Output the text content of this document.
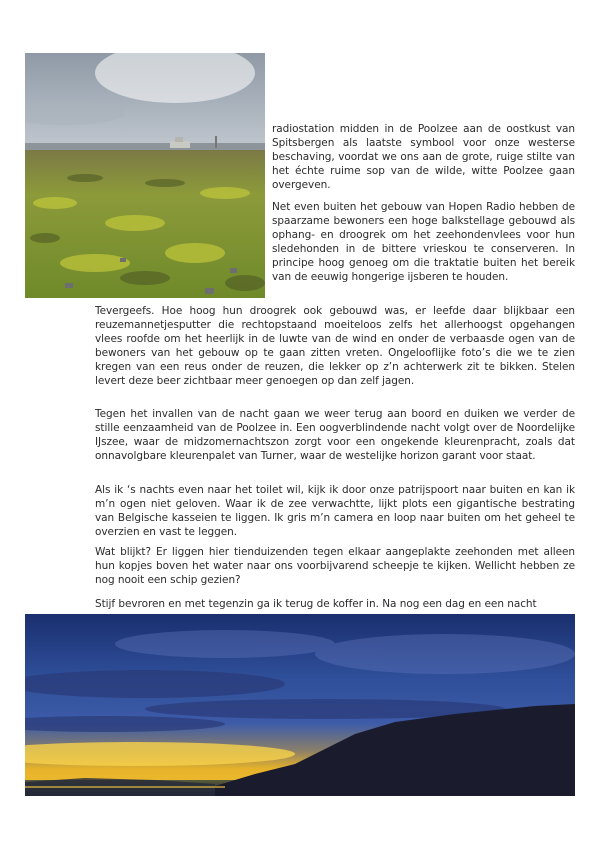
radiostation midden in de Poolzee aan de oostkust van Spitsbergen als laatste symbool voor onze westerse beschaving, voordat we ons aan de grote, ruige stilte van het échte ruime sop van de wilde, witte Poolzee gaan overgeven.

Net even buiten het gebouw van Hopen Radio hebben de spaarzame bewoners een hoge balkstellage gebouwd als ophang- en droogrek om het zeehondenvlees voor hun sledehonden in de bittere vrieskou te conserveren. In principe hoog genoeg om die traktatie buiten het bereik van de eeuwig hongerige ijsberen te houden.

Tevergeefs. Hoe hoog hun droogrek ook gebouwd was, er leefde daar blijkbaar een reuzemannetjesputter die rechtopstaand moeiteloos zelfs het allerhoogst opgehangen vlees roofde om het heerlijk in de luwte van de wind en onder de verbaasde ogen van de bewoners van het gebouw op te gaan zitten vreten. Ongelooflijke foto’s die we te zien kregen van een reus onder de reuzen, die lekker op z’n achterwerk zit te bikken. Stelen levert deze beer zichtbaar meer genoegen op dan zelf jagen.

Tegen het invallen van de nacht gaan we weer terug aan boord en duiken we verder de stille eenzaamheid van de Poolzee in. Een oogverblindende nacht volgt over de Noordelijke IJszee, waar de midzomernachtszon zorgt voor een ongekende kleurenpracht, zoals dat onnavolgbare kleurenpalet van Turner, waar de westelijke horizon garant voor staat.

Als ik ‘s nachts even naar het toilet wil, kijk ik door onze patrijspoort naar buiten en kan ik m’n ogen niet geloven. Waar ik de zee verwachtte, lijkt plots een gigantische bestrating van Belgische kasseien te liggen. Ik gris m’n camera en loop naar buiten om het geheel te overzien en vast te leggen.

Wat blijkt? Er liggen hier tienduizenden tegen elkaar aangeplakte zeehonden met alleen hun kopjes boven het water naar ons voorbijvarend scheepje te kijken. Wellicht hebben ze nog nooit een schip gezien?

Stijf bevroren en met tegenzin ga ik terug de koffer in. Na nog een dag en een nacht
